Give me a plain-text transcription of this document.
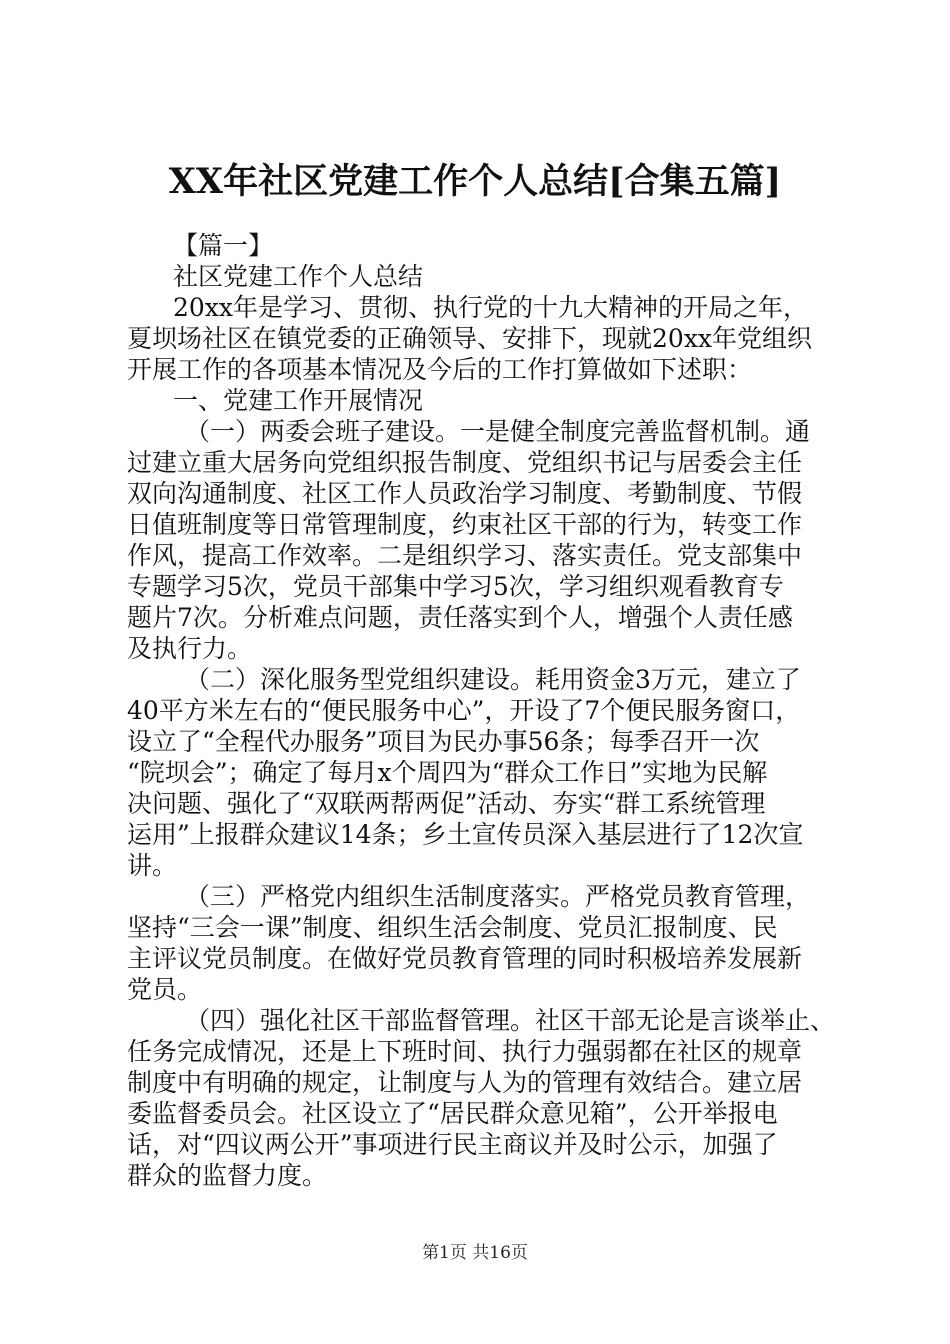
XX年社区党建工作个人总结[合集五篇]
【篇一】
社区党建工作个人总结
20xx年是学习、贯彻、执行党的十九大精神的开局之年，
夏坝场社区在镇党委的正确领导、安排下，现就20xx年党组织
开展工作的各项基本情况及今后的工作打算做如下述职：
一、党建工作开展情况
（一）两委会班子建设。一是健全制度完善监督机制。通
过建立重大居务向党组织报告制度、党组织书记与居委会主任
双向沟通制度、社区工作人员政治学习制度、考勤制度、节假
日值班制度等日常管理制度，约束社区干部的行为，转变工作
作风，提高工作效率。二是组织学习、落实责任。党支部集中
专题学习5次，党员干部集中学习5次，学习组织观看教育专
题片7次。分析难点问题，责任落实到个人，增强个人责任感
及执行力。
（二）深化服务型党组织建设。耗用资金3万元，建立了
40平方米左右的“便民服务中心”，开设了7个便民服务窗口，
设立了“全程代办服务”项目为民办事56条；每季召开一次
“院坝会”；确定了每月x个周四为“群众工作日”实地为民解
决问题、强化了“双联两帮两促”活动、夯实“群工系统管理
运用”上报群众建议14条；乡土宣传员深入基层进行了12次宣
讲。
（三）严格党内组织生活制度落实。严格党员教育管理，
坚持“三会一课”制度、组织生活会制度、党员汇报制度、民
主评议党员制度。在做好党员教育管理的同时积极培养发展新
党员。
（四）强化社区干部监督管理。社区干部无论是言谈举止、
任务完成情况，还是上下班时间、执行力强弱都在社区的规章
制度中有明确的规定，让制度与人为的管理有效结合。建立居
委监督委员会。社区设立了“居民群众意见箱”，公开举报电
话，对“四议两公开”事项进行民主商议并及时公示，加强了
群众的监督力度。
第1页 共16页
